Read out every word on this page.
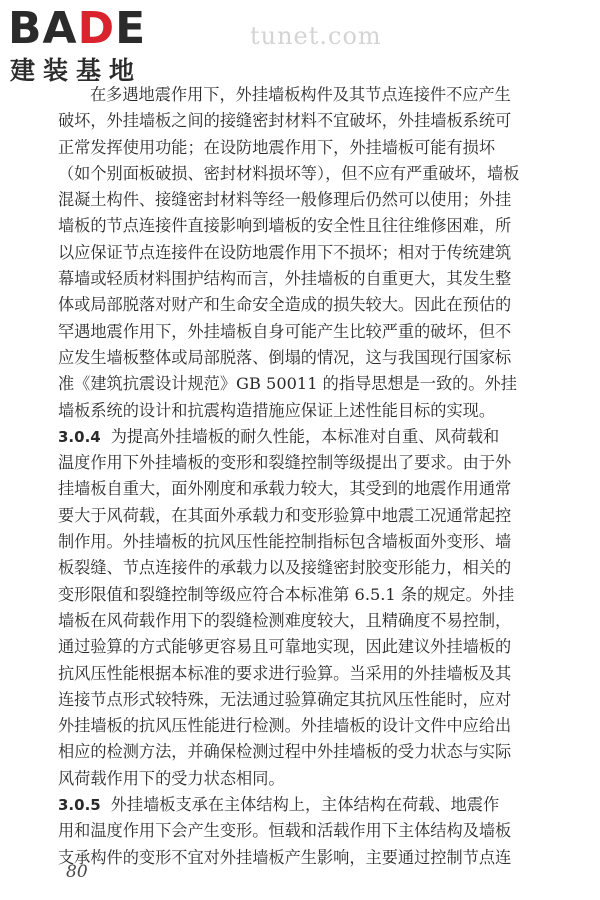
BADE
建装基地
tunet.com
在多遇地震作用下，外挂墙板构件及其节点连接件不应产生
破坏，外挂墙板之间的接缝密封材料不宜破坏，外挂墙板系统可
正常发挥使用功能；在设防地震作用下，外挂墙板可能有损坏
（如个别面板破损、密封材料损坏等），但不应有严重破坏，墙板
混凝土构件、接缝密封材料等经一般修理后仍然可以使用；外挂
墙板的节点连接件直接影响到墙板的安全性且往往维修困难，所
以应保证节点连接件在设防地震作用下不损坏；相对于传统建筑
幕墙或轻质材料围护结构而言，外挂墙板的自重更大，其发生整
体或局部脱落对财产和生命安全造成的损失较大。因此在预估的
罕遇地震作用下，外挂墙板自身可能产生比较严重的破坏，但不
应发生墙板整体或局部脱落、倒塌的情况，这与我国现行国家标
准《建筑抗震设计规范》GB 50011 的指导思想是一致的。外挂
墙板系统的设计和抗震构造措施应保证上述性能目标的实现。
3.0.4 为提高外挂墙板的耐久性能，本标准对自重、风荷载和
温度作用下外挂墙板的变形和裂缝控制等级提出了要求。由于外
挂墙板自重大，面外刚度和承载力较大，其受到的地震作用通常
要大于风荷载，在其面外承载力和变形验算中地震工况通常起控
制作用。外挂墙板的抗风压性能控制指标包含墙板面外变形、墙
板裂缝、节点连接件的承载力以及接缝密封胶变形能力，相关的
变形限值和裂缝控制等级应符合本标准第 6.5.1 条的规定。外挂
墙板在风荷载作用下的裂缝检测难度较大，且精确度不易控制，
通过验算的方式能够更容易且可靠地实现，因此建议外挂墙板的
抗风压性能根据本标准的要求进行验算。当采用的外挂墙板及其
连接节点形式较特殊，无法通过验算确定其抗风压性能时，应对
外挂墙板的抗风压性能进行检测。外挂墙板的设计文件中应给出
相应的检测方法，并确保检测过程中外挂墙板的受力状态与实际
风荷载作用下的受力状态相同。
3.0.5 外挂墙板支承在主体结构上，主体结构在荷载、地震作
用和温度作用下会产生变形。恒载和活载作用下主体结构及墙板
支承构件的变形不宜对外挂墙板产生影响，主要通过控制节点连
80
